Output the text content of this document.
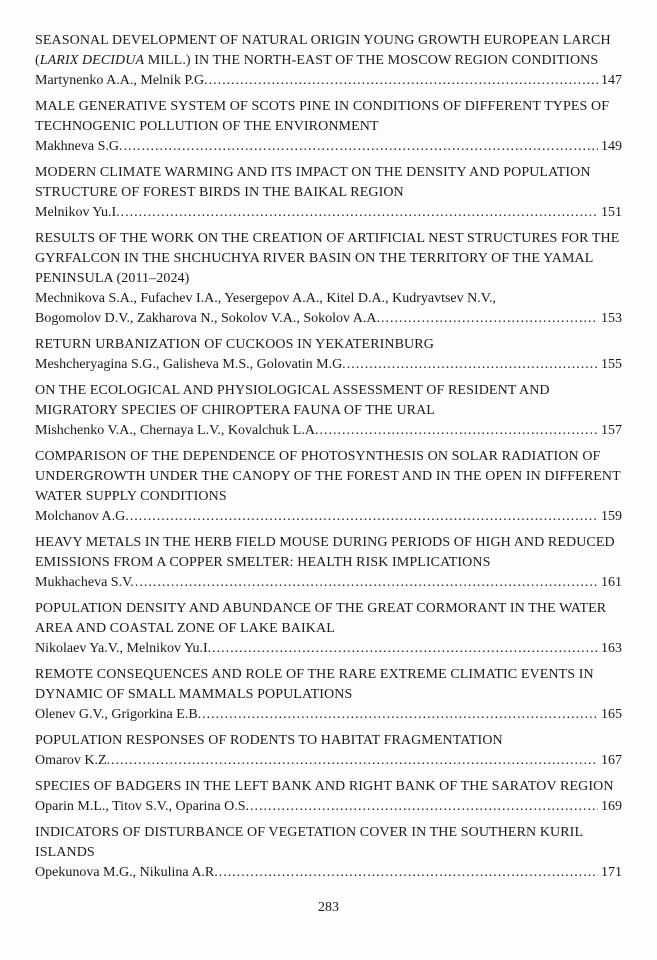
SEASONAL DEVELOPMENT OF NATURAL ORIGIN YOUNG GROWTH EUROPEAN LARCH (LARIX DECIDUA MILL.) IN THE NORTH-EAST OF THE MOSCOW REGION CONDITIONS
Martynenko A.A., Melnik P.G. .....	147
MALE GENERATIVE SYSTEM OF SCOTS PINE IN CONDITIONS OF DIFFERENT TYPES OF TECHNOGENIC POLLUTION OF THE ENVIRONMENT
Makhneva S.G. .....	149
MODERN CLIMATE WARMING AND ITS IMPACT ON THE DENSITY AND POPULATION STRUCTURE OF FOREST BIRDS IN THE BAIKAL REGION
Melnikov Yu.I. .....	151
RESULTS OF THE WORK ON THE CREATION OF ARTIFICIAL NEST STRUCTURES FOR THE GYRFALCON IN THE SHCHUCHYA RIVER BASIN ON THE TERRITORY OF THE YAMAL PENINSULA (2011–2024)
Mechnikova S.A., Fufachev I.A., Yesergepov A.A., Kitel D.A., Kudryavtsev N.V.,
Bogomolov D.V., Zakharova N., Sokolov V.A., Sokolov A.A. .....	153
RETURN URBANIZATION OF CUCKOOS IN YEKATERINBURG
Meshcheryagina S.G., Galisheva M.S., Golovatin M.G. .....	155
ON THE ECOLOGICAL AND PHYSIOLOGICAL ASSESSMENT OF RESIDENT AND MIGRATORY SPECIES OF CHIROPTERA FAUNA OF THE URAL
Mishchenko V.A., Chernaya L.V., Kovalchuk L.A. .....	157
COMPARISON OF THE DEPENDENCE OF PHOTOSYNTHESIS ON SOLAR RADIATION OF UNDERGROWTH UNDER THE CANOPY OF THE FOREST AND IN THE OPEN IN DIFFERENT WATER SUPPLY CONDITIONS
Molchanov A.G. .....	159
HEAVY METALS IN THE HERB FIELD MOUSE DURING PERIODS OF HIGH AND REDUCED EMISSIONS FROM A COPPER SMELTER: HEALTH RISK IMPLICATIONS
Mukhacheva S.V. .....	161
POPULATION DENSITY AND ABUNDANCE OF THE GREAT CORMORANT IN THE WATER AREA AND COASTAL ZONE OF LAKE BAIKAL
Nikolaev Ya.V., Melnikov Yu.I. .....	163
REMOTE CONSEQUENCES AND ROLE OF THE RARE EXTREME CLIMATIC EVENTS IN DYNAMIC OF SMALL MAMMALS POPULATIONS
Olenev G.V., Grigorkina E.B. .....	165
POPULATION RESPONSES OF RODENTS TO HABITAT FRAGMENTATION
Omarov K.Z. .....	167
SPECIES OF BADGERS IN THE LEFT BANK AND RIGHT BANK OF THE SARATOV REGION
Oparin M.L., Titov S.V., Oparina O.S. .....	169
INDICATORS OF DISTURBANCE OF VEGETATION COVER IN THE SOUTHERN KURIL ISLANDS
Opekunova M.G., Nikulina A.R. .....	171
283
